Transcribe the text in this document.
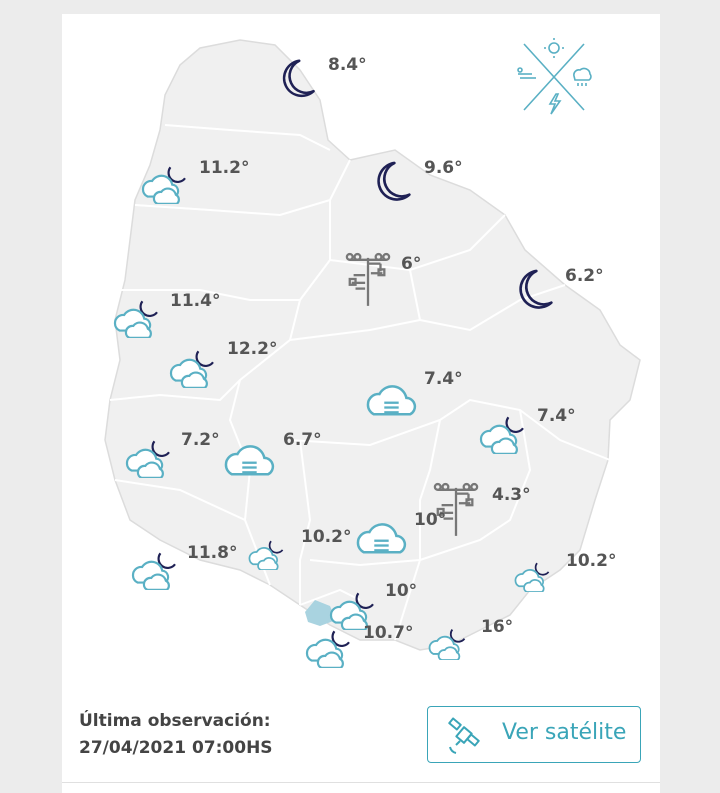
8.4°
11.2°	9.6°
11.4°
6°
6.2°
12.2°
7.4°
7.2°	6.7°
7.4°
10°
4.3°
11.8°
10.2°
10.2°
10°
10.7°	16°
Última observación:
27/04/2021 07:00HS
Ver satélite
